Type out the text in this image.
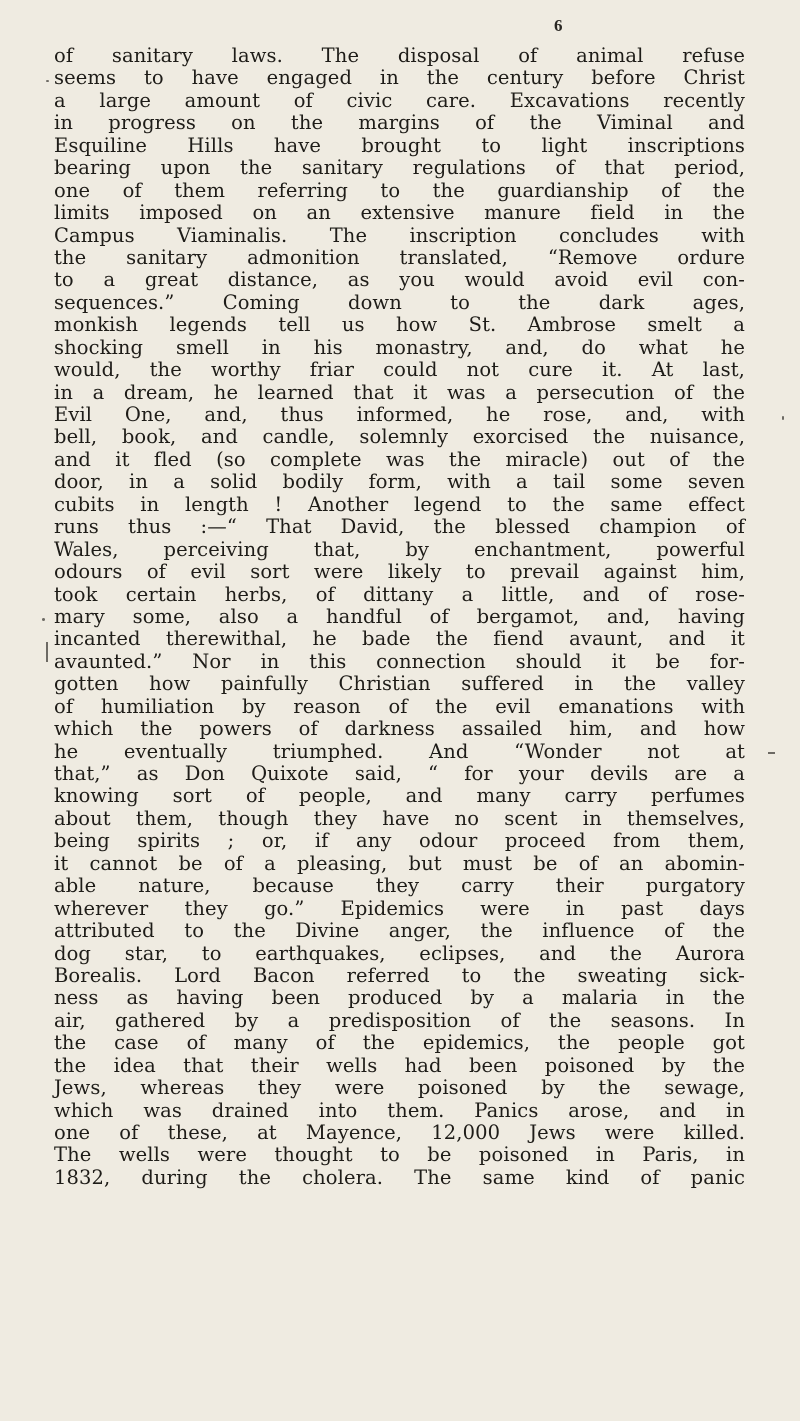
6
of sanitary laws. The disposal of animal refuse
seems to have engaged in the century before Christ
a large amount of civic care. Excavations recently
in progress on the margins of the Viminal and
Esquiline Hills have brought to light inscriptions
bearing upon the sanitary regulations of that period,
one of them referring to the guardianship of the
limits imposed on an extensive manure field in the
Campus Viaminalis. The inscription concludes with
the sanitary admonition translated, “Remove ordure
to a great distance, as you would avoid evil con-
sequences.” Coming down to the dark ages,
monkish legends tell us how St. Ambrose smelt a
shocking smell in his monastry, and, do what he
would, the worthy friar could not cure it. At last,
in a dream, he learned that it was a persecution of the
Evil One, and, thus informed, he rose, and, with
bell, book, and candle, solemnly exorcised the nuisance,
and it fled (so complete was the miracle) out of the
door, in a solid bodily form, with a tail some seven
cubits in length ! Another legend to the same effect
runs thus :—“ That David, the blessed champion of
Wales, perceiving that, by enchantment, powerful
odours of evil sort were likely to prevail against him,
took certain herbs, of dittany a little, and of rose-
mary some, also a handful of bergamot, and, having
incanted therewithal, he bade the fiend avaunt, and it
avaunted.” Nor in this connection should it be for-
gotten how painfully Christian suffered in the valley
of humiliation by reason of the evil emanations with
which the powers of darkness assailed him, and how
he eventually triumphed. And “Wonder not at
that,” as Don Quixote said, “ for your devils are a
knowing sort of people, and many carry perfumes
about them, though they have no scent in themselves,
being spirits ; or, if any odour proceed from them,
it cannot be of a pleasing, but must be of an abomin-
able nature, because they carry their purgatory
wherever they go.” Epidemics were in past days
attributed to the Divine anger, the influence of the
dog star, to earthquakes, eclipses, and the Aurora
Borealis. Lord Bacon referred to the sweating sick-
ness as having been produced by a malaria in the
air, gathered by a predisposition of the seasons. In
the case of many of the epidemics, the people got
the idea that their wells had been poisoned by the
Jews, whereas they were poisoned by the sewage,
which was drained into them. Panics arose, and in
one of these, at Mayence, 12,000 Jews were killed.
The wells were thought to be poisoned in Paris, in
1832, during the cholera. The same kind of panic
